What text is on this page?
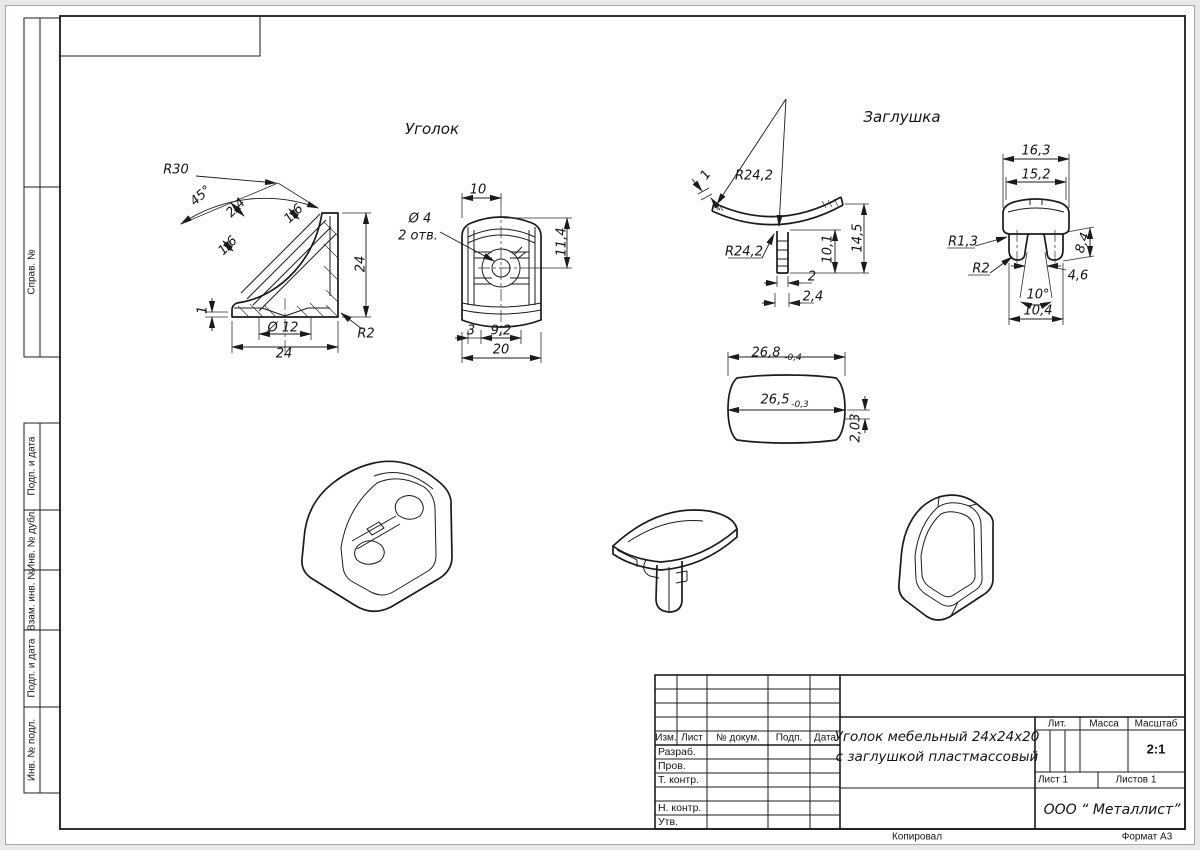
Уголок
Заглушка
R30
45° 2,4	1,6
1,6
24
1
Ø 12	R2
24
10
Ø 4
2 отв.	11,4
3 9,2
20
1 R24,2
R24,2	10,1 14,5
2
2,4
16,3
15,2
R1,3
R2
8,4
4,6
10°
10,4
26,8 -0,4
26,5 -0,3
2,03
Справ. №
Подп. и дата
Инв. № дубл.
Взам. инв. №
Подп. и дата
Инв. № подл.	Изм. Лист № докум. Подп. Дата
Разраб.
Пров.
Т. контр.
Н. контр.
Утв.
Уголок мебельный 24х24х20
с заглушкой пластмассовый
Лит. Масса Масштаб
2:1
Лист 1	Листов 1
ООО “ Металлист”
Копировал	Формат А3
